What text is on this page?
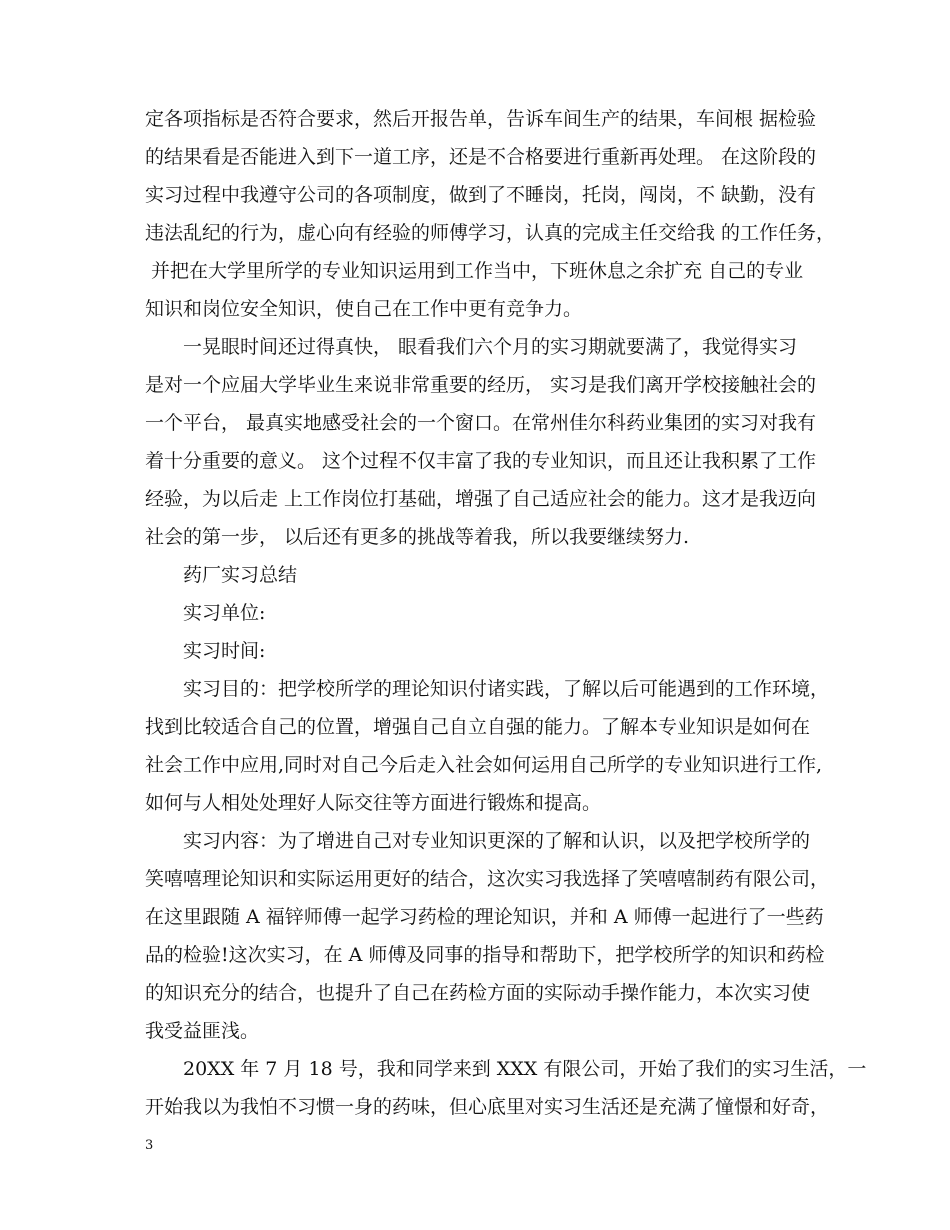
定各项指标是否符合要求，然后开报告单，告诉车间生产的结果，车间根 据检验
的结果看是否能进入到下一道工序，还是不合格要进行重新再处理。 在这阶段的
实习过程中我遵守公司的各项制度，做到了不睡岗，托岗，闯岗，不 缺勤，没有
违法乱纪的行为，虚心向有经验的师傅学习，认真的完成主任交给我 的工作任务，
并把在大学里所学的专业知识运用到工作当中，下班休息之余扩充 自己的专业
知识和岗位安全知识，使自己在工作中更有竞争力。
一晃眼时间还过得真快， 眼看我们六个月的实习期就要满了，我觉得实习
是对一个应届大学毕业生来说非常重要的经历， 实习是我们离开学校接触社会的
一个平台， 最真实地感受社会的一个窗口。在常州佳尔科药业集团的实习对我有
着十分重要的意义。 这个过程不仅丰富了我的专业知识，而且还让我积累了工作
经验，为以后走 上工作岗位打基础，增强了自己适应社会的能力。这才是我迈向
社会的第一步， 以后还有更多的挑战等着我，所以我要继续努力.
药厂实习总结
实习单位:
实习时间:
实习目的：把学校所学的理论知识付诸实践，了解以后可能遇到的工作环境，
找到比较适合自己的位置，增强自己自立自强的能力。了解本专业知识是如何在
社会工作中应用,同时对自己今后走入社会如何运用自己所学的专业知识进行工作,
如何与人相处处理好人际交往等方面进行锻炼和提高。
实习内容：为了增进自己对专业知识更深的了解和认识，以及把学校所学的
笑嘻嘻理论知识和实际运用更好的结合，这次实习我选择了笑嘻嘻制药有限公司，
在这里跟随 A 福锌师傅一起学习药检的理论知识，并和 A 师傅一起进行了一些药
品的检验!这次实习，在 A 师傅及同事的指导和帮助下，把学校所学的知识和药检
的知识充分的结合，也提升了自己在药检方面的实际动手操作能力，本次实习使
我受益匪浅。
20XX 年 7 月 18 号，我和同学来到 XXX 有限公司，开始了我们的实习生活，一
开始我以为我怕不习惯一身的药味，但心底里对实习生活还是充满了憧憬和好奇，
3
